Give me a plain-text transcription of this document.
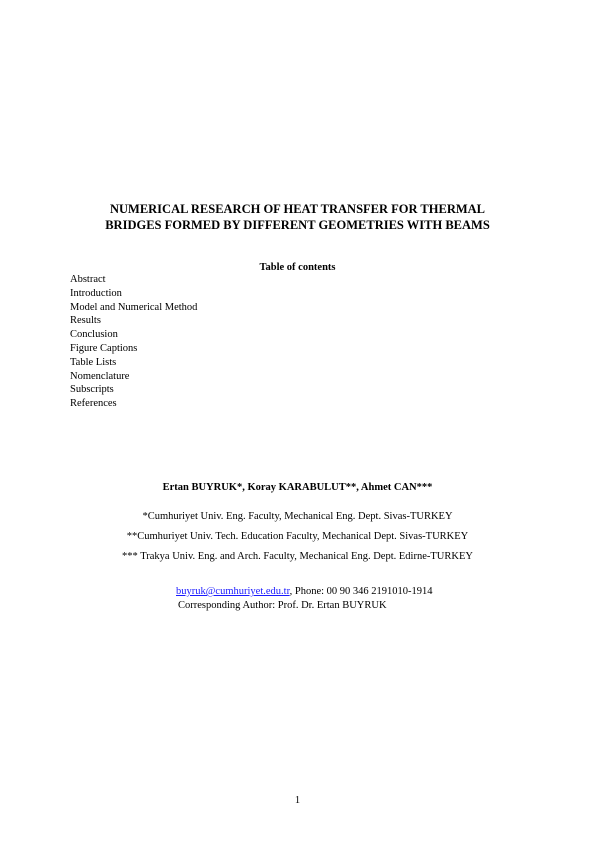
NUMERICAL RESEARCH OF HEAT TRANSFER FOR THERMAL
BRIDGES FORMED BY DIFFERENT GEOMETRIES WITH BEAMS
Table of contents
Abstract
Introduction
Model and Numerical Method
Results
Conclusion
Figure Captions
Table Lists
Nomenclature
Subscripts
References
Ertan BUYRUK*, Koray KARABULUT**, Ahmet CAN***
*Cumhuriyet Univ. Eng. Faculty, Mechanical Eng. Dept. Sivas-TURKEY
**Cumhuriyet Univ. Tech. Education Faculty, Mechanical Dept. Sivas-TURKEY
*** Trakya Univ. Eng. and Arch. Faculty, Mechanical Eng. Dept. Edirne-TURKEY
buyruk@cumhuriyet.edu.tr, Phone: 00 90 346 2191010-1914
Corresponding Author: Prof. Dr. Ertan BUYRUK
1
